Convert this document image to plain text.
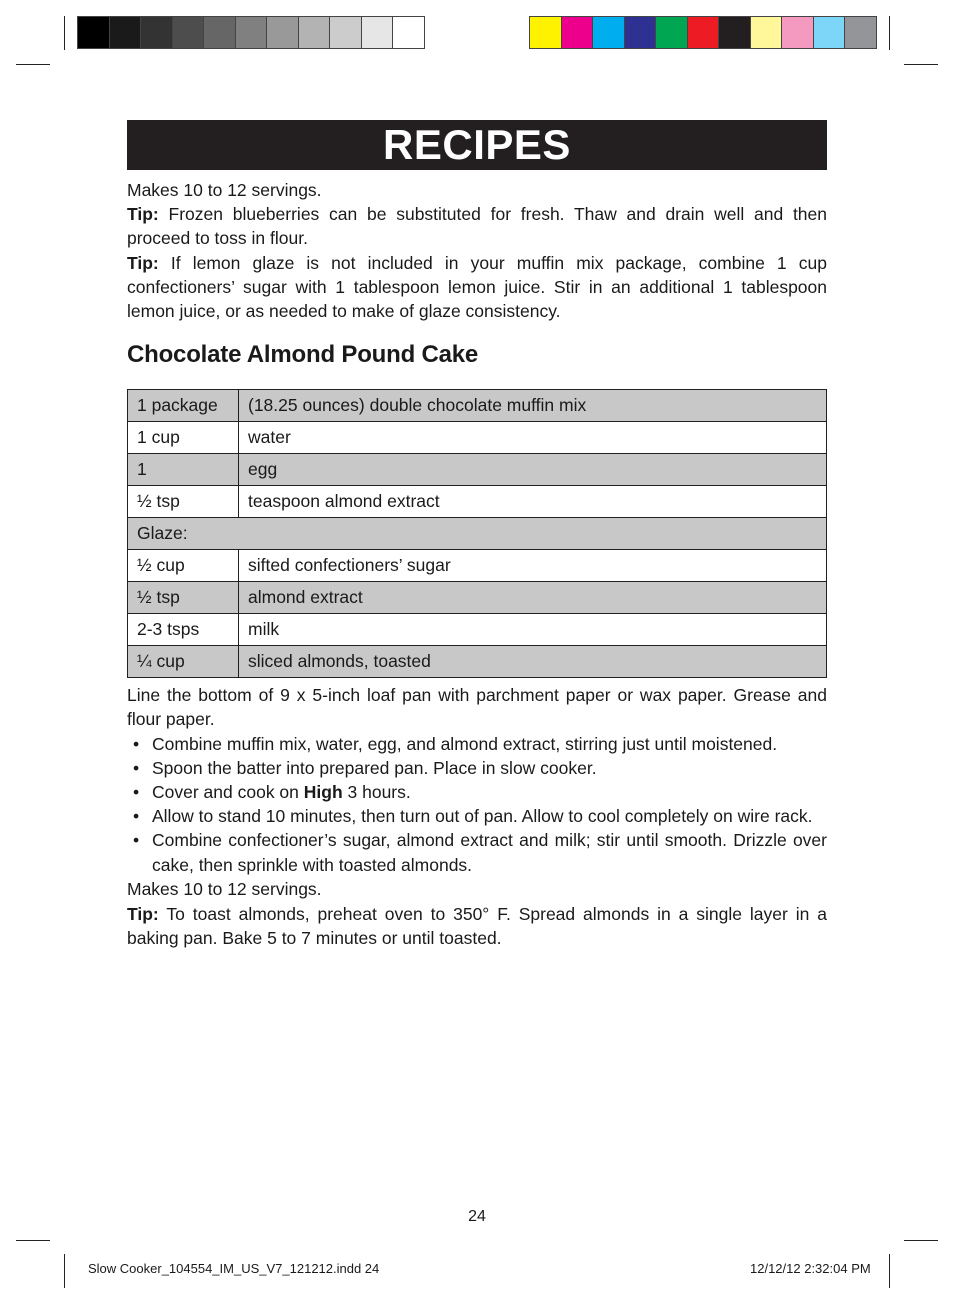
RECIPES

Makes 10 to 12 servings.

Tip: Frozen blueberries can be substituted for fresh. Thaw and drain well and then proceed to toss in flour.

Tip: If lemon glaze is not included in your muffin mix package, combine 1 cup confectioners’ sugar with 1 tablespoon lemon juice. Stir in an additional 1 tablespoon lemon juice, or as needed to make of glaze consistency.

Chocolate Almond Pound Cake
1 package	(18.25 ounces) double chocolate muffin mix
1 cup	water
1	egg
½ tsp	teaspoon almond extract
Glaze:	
½ cup	sifted confectioners’ sugar
½ tsp	almond extract
2-3 tsps	milk
¼ cup	sliced almonds, toasted

Line the bottom of 9 x 5-inch loaf pan with parchment paper or wax paper. Grease and flour paper.

• Combine muffin mix, water, egg, and almond extract, stirring just until moistened.
• Spoon the batter into prepared pan. Place in slow cooker.
• Cover and cook on High 3 hours.
• Allow to stand 10 minutes, then turn out of pan. Allow to cool completely on wire rack.
• Combine confectioner’s sugar, almond extract and milk; stir until smooth. Drizzle over cake, then sprinkle with toasted almonds.

Makes 10 to 12 servings.

Tip: To toast almonds, preheat oven to 350° F. Spread almonds in a single layer in a baking pan. Bake 5 to 7 minutes or until toasted.

24
Slow Cooker_104554_IM_US_V7_121212.indd 24	12/12/12 2:32:04 PM
